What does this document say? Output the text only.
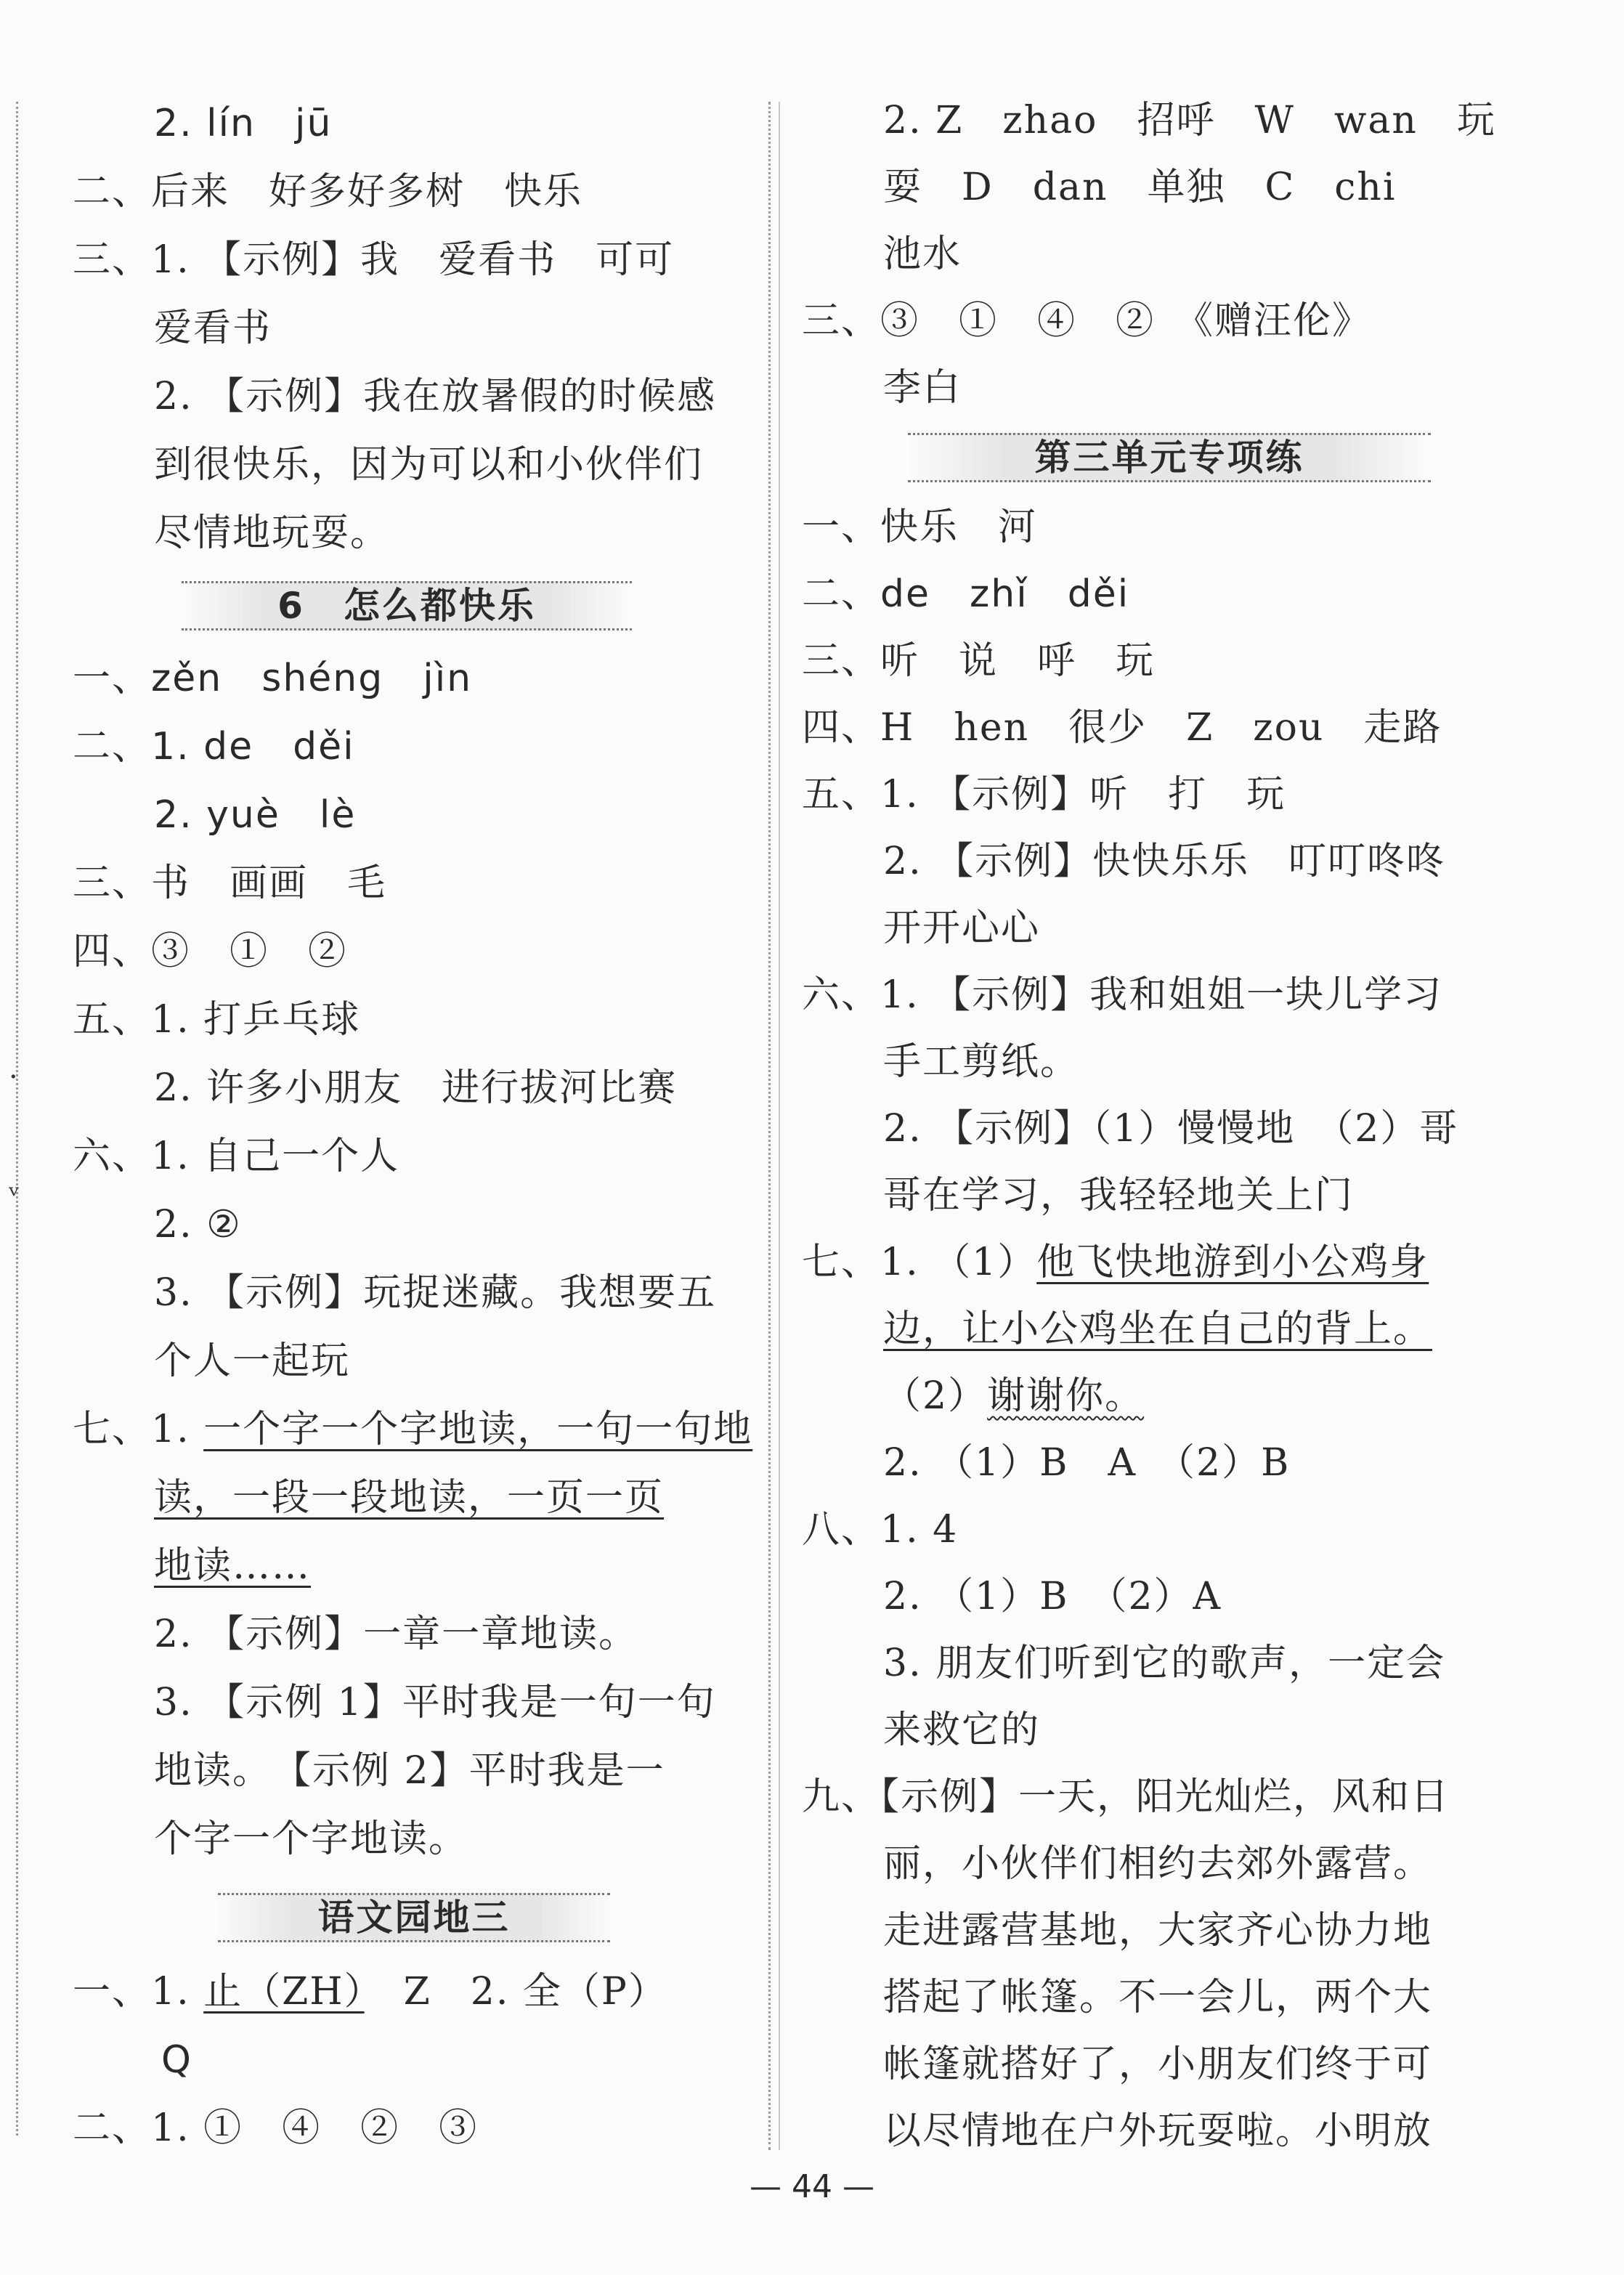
·
ᵥ
2. lín　jū
二、后来　好多好多树　快乐
三、1. 【示例】我　爱看书　可可
爱看书
2. 【示例】我在放暑假的时候感
到很快乐，因为可以和小伙伴们
尽情地玩耍。
6　怎么都快乐
一、zěn　shéng　jìn
二、1. de　děi
2. yuè　lè
三、书　画画　毛
四、③　①　②
五、1. 打乒乓球
2. 许多小朋友　进行拔河比赛
六、1. 自己一个人
2. ②
3. 【示例】玩捉迷藏。我想要五
个人一起玩
七、1. 一个字一个字地读，一句一句地
读，一段一段地读，一页一页
地读……
2. 【示例】一章一章地读。
3. 【示例 1】平时我是一句一句
地读。　【示例 2】平时我是一
个字一个字地读。
语文园地三
一、1. 止（ZH）　Z　2. 全（P）
Q
二、1. ①　④　②　③
2. Z　zhao　招呼　W　wan　玩
耍　D　dan　单独　C　chi
池水
三、③　①　④　②　《赠汪伦》
李白
第三单元专项练
一、快乐　河
二、de　zhǐ　děi
三、听　说　呼　玩
四、H　hen　很少　Z　zou　走路
五、1. 【示例】听　打　玩
2. 【示例】快快乐乐　叮叮咚咚
开开心心
六、1. 【示例】我和姐姐一块儿学习
手工剪纸。
2. 【示例】（1）慢慢地　（2）哥
哥在学习，我轻轻地关上门
七、1. （1）他飞快地游到小公鸡身
边，让小公鸡坐在自己的背上。
（2）谢谢你。
2. （1）B　A　（2）B
八、1. 4
2. （1）B　（2）A
3. 朋友们听到它的歌声，一定会
来救它的
九、【示例】一天，阳光灿烂，风和日
丽，小伙伴们相约去郊外露营。
走进露营基地，大家齐心协力地
搭起了帐篷。不一会儿，两个大
帐篷就搭好了，小朋友们终于可
以尽情地在户外玩耍啦。小明放
— 44 —
